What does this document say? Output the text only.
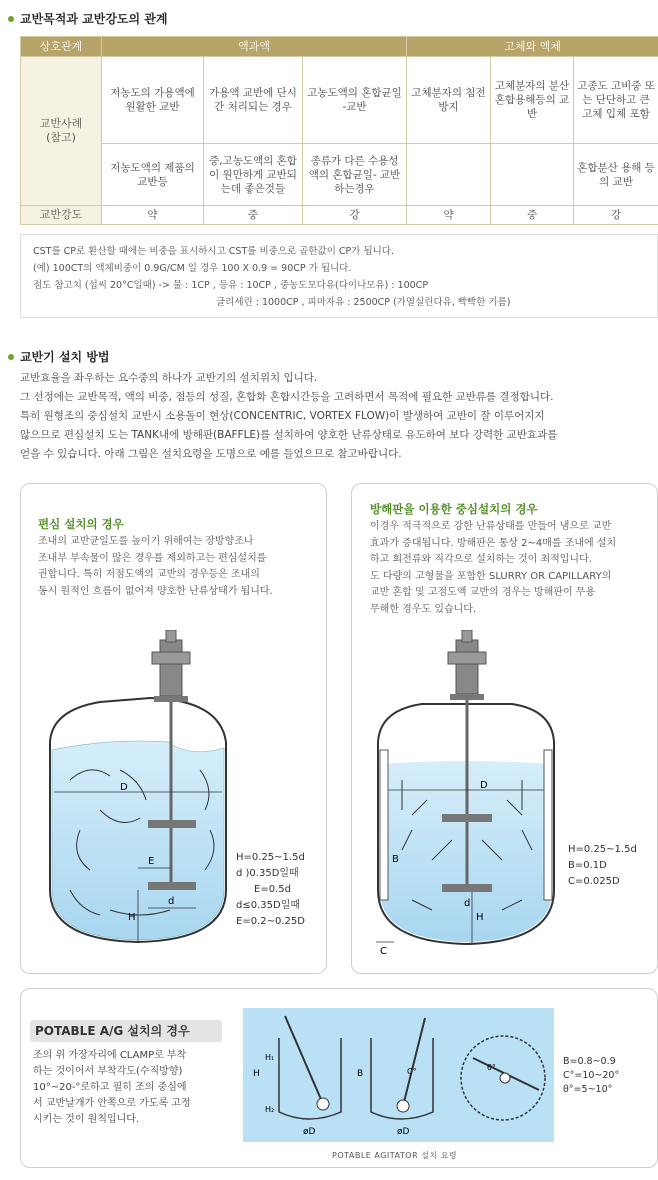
교반목적과 교반강도의 관계
상호관계	액과액			고체와 액체		
교반사례
(참고)	저농도의 가용액에 원활한 교반	가용액 교반에 단시간 처리되는 경우	고농도액의 혼합균일 -교반	고체분자의 침전방지	고체분자의 분산 혼합용해등의 교반	고종도 고비중 또는 단단하고 큰 고체 입체 포함
	저농도액의 제품의 교반등	중,고농도액의 혼합이 원만하게 교반되는데 좋은것들	종류가 다른 수용성액의 혼합균일- 교반하는경우			혼합분산 용해 등의 교반
교반강도	약	중	강	약	중	강
CST를 CP로 환산할 때에는 비중을 표시하시고 CST를 비중으로 곱한값이 CP가 됩니다.
(예) 100CT의 액체비중이 0.9G/CM 일 경우 100 X 0.9 = 90CP 가 됩니다.
점도 참고치 (섭씨 20°C일때) -> 물 : 1CP , 등유 : 10CP , 중농도모다유(다이나모유) : 100CP
글리세린 : 1000CP , 피마자유 : 2500CP (가열실린다유, 빡빡한 기름)
교반기 설치 방법
교반효율을 좌우하는 요수중의 하나가 교반기의 설치위치 입니다.
그 선정에는 교반목적, 액의 비중, 점등의 성질, 혼합화 혼합시간등을 고려하면서 목적에 필요한 교반류를 결정합니다.
특히 원형조의 중심설치 교반시 소용돌이 현상(CONCENTRIC, VORTEX FLOW)이 발생하여 교반이 잘 이루어지지
않으므로 편심설치 도는 TANK내에 방해판(BAFFLE)를 설치하여 양호한 난류상태로 유도하여 보다 강력한 교반효과를
얻을 수 있습니다. 아래 그림은 설치요령을 도명으로 예를 들었으므로 참고바랍니다.
편심 설치의 경우
조내의 교반균일도를 높이기 위해여는 장방향조나
조내부 부속물이 많은 경우를 제외하고는 편심설치를
권합니다. 특히 저점도액의 교반의 경우등은 조내의
동시 원적인 흐름이 없어져 양호한 난류상태가 됩니다.
D
E
d
H
H=0.25~1.5d
d )0.35D일때
E=0.5d
d≤0.35D일때
E=0.2~0.25D
방해판을 이용한 중심설치의 경우
이경우 적극적으로 강한 난류상태를 만들어 냄으로 교반
효과가 증대됩니다. 방해판은 통상 2~4매를 조내에 설치
하고 회전류와 직각으로 설치하는 것이 최적입니다.
도 다량의 고형물을 포함한 SLURRY OR CAPILLARY의
교반 혼합 및 고점도액 교반의 경우는 방해판이 무용
무해한 경우도 있습니다.
D
B
d
H
C
H=0.25~1.5d
B=0.1D
C=0.025D
POTABLE A/G 설치의 경우
조의 위 가장자리에 CLAMP로 부착
하는 것이어서 부착각도(수직방향)
10°~20-°로하고 필히 조의 중심에
서 교반날개가 안쪽으로 가도록 고정
시키는 것이 원칙입니다.
H
H₁
H₂
øD
B	C°
øD
θ°
B=0.8~0.9
C°=10~20°
θ°=5~10°
POTABLE AGITATOR 설치 요령
